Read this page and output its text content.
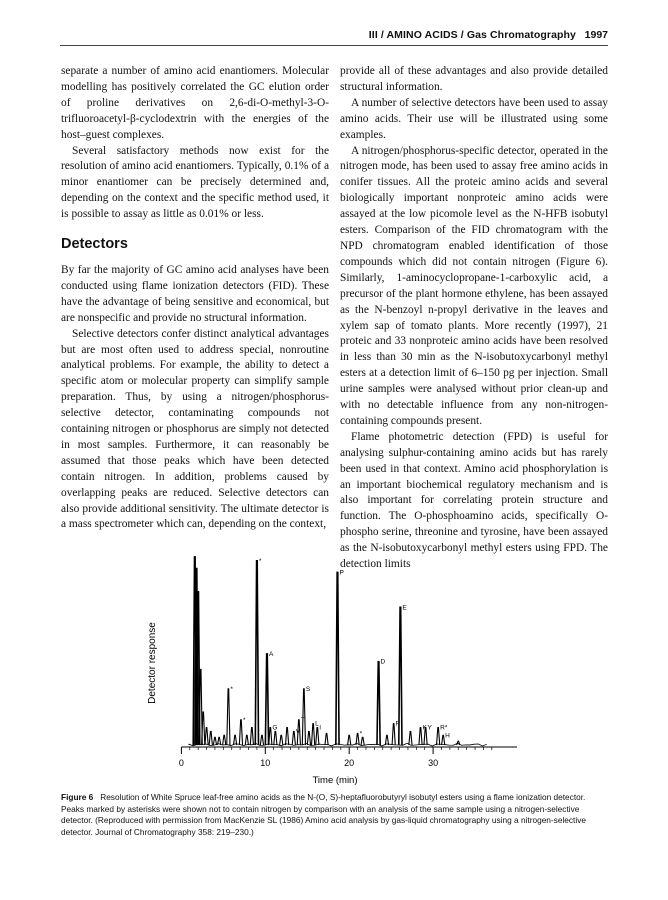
III / AMINO ACIDS / Gas Chromatography 1997

separate a number of amino acid enantiomers. Molecular modelling has positively correlated the GC elution order of proline derivatives on 2,6-di-O-methyl-3-O-trifluoroacetyl-β-cyclodextrin with the energies of the host–guest complexes.

Several satisfactory methods now exist for the resolution of amino acid enantiomers. Typically, 0.1% of a minor enantiomer can be precisely determined and, depending on the context and the specific method used, it is possible to assay as little as 0.01% or less.

Detectors

By far the majority of GC amino acid analyses have been conducted using flame ionization detectors (FID). These have the advantage of being sensitive and economical, but are nonspecific and provide no structural information.

Selective detectors confer distinct analytical advantages but are most often used to address special, nonroutine analytical problems. For example, the ability to detect a specific atom or molecular property can simplify sample preparation. Thus, by using a nitrogen/phosphorus-selective detector, contaminating compounds not containing nitrogen or phosphorus are simply not detected in most samples. Furthermore, it can reasonably be assumed that those peaks which have been detected contain nitrogen. In addition, problems caused by overlapping peaks are reduced. Selective detectors can also provide additional sensitivity. The ultimate detector is a mass spectrometer which can, depending on the context,

provide all of these advantages and also provide detailed structural information.

A number of selective detectors have been used to assay amino acids. Their use will be illustrated using some examples.

A nitrogen/phosphorus-specific detector, operated in the nitrogen mode, has been used to assay free amino acids in conifer tissues. All the proteic amino acids and several biologically important nonproteic amino acids were assayed at the low picomole level as the N-HFB isobutyl esters. Comparison of the FID chromatogram with the NPD chromatogram enabled identification of those compounds which did not contain nitrogen (Figure 6). Similarly, 1-aminocyclopropane-1-carboxylic acid, a precursor of the plant hormone ethylene, has been assayed as the N-benzoyl n-propyl derivative in the leaves and xylem sap of tomato plants. More recently (1997), 21 proteic and 33 nonproteic amino acids have been resolved in less than 30 min as the N-isobutoxycarbonyl methyl esters at a detection limit of 6–150 pg per injection. Small urine samples were analysed without prior clean-up and with no detectable influence from any non-nitrogen-containing compounds present.

Flame photometric detection (FPD) is useful for analysing sulphur-containing amino acids but has rarely been used in that context. Amino acid phosphorylation is an important biochemical regulatory mechanism and is also important for correlating protein structure and function. The O-phosphoamino acids, specifically O-phospho serine, threonine and tyrosine, have been assayed as the N-isobutoxycarbonyl methyl esters using FPD. The detection limits

Detector response
Time (min)
0	10	20	30
*
*
*
A
G
V
T
S
L
I
P
*
D
F
E
K Y R*
H
Figure 6 Resolution of White Spruce leaf-free amino acids as the N-(O, S)-heptafluorobutyryl isobutyl esters using a flame ionization detector. Peaks marked by asterisks were shown not to contain nitrogen by comparison with an analysis of the same sample using a nitrogen-selective detector. (Reproduced with permission from MacKenzie SL (1986) Amino acid analysis by gas-liquid chromatography using a nitrogen-selective detector. Journal of Chromatography 358: 219–230.)
